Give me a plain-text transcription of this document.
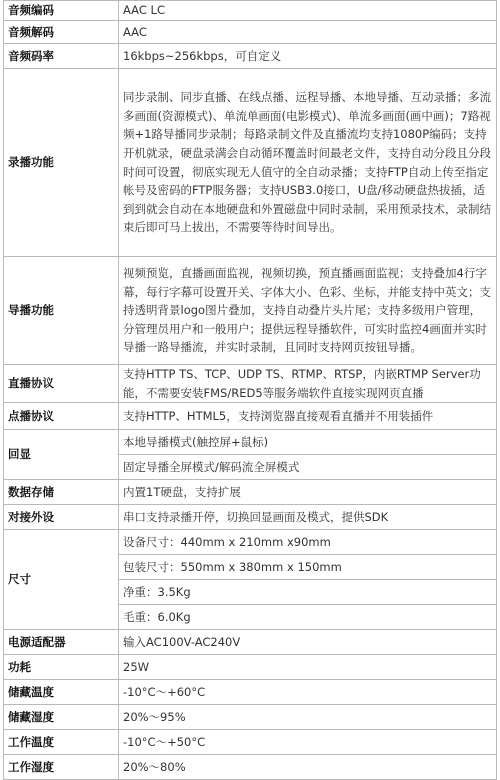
音频编码	AAC LC
音频解码	AAC
音频码率	16kbps~256kbps，可自定义
录播功能	同步录制、同步直播、在线点播、远程导播、本地导播、互动录播；多流多画面(资源模式)、单流单画面(电影模式)、单流多画面(画中画)；7路视频+1路导播同步录制；每路录制文件及直播流均支持1080P编码；支持开机就录，硬盘录满会自动循环覆盖时间最老文件，支持自动分段且分段时间可设置，彻底实现无人值守的全自动录播；支持FTP自动上传至指定帐号及密码的FTP服务器；支持USB3.0接口，U盘/移动硬盘热拔插，适到到就会自动在本地硬盘和外置磁盘中同时录制，采用预录技术，录制结束后即可马上拔出，不需要等待时间导出。
导播功能	视频预览，直播画面监视，视频切换，预直播画面监视；支持叠加4行字幕，每行字幕可设置开关、字体大小、色彩、坐标，并能支持中英文；支持透明背景logo图片叠加，支持自动叠片头片尾；支持多级用户管理，分管理员用户和一般用户；提供远程导播软件，可实时监控4画面并实时导播一路导播流，并实时录制，且同时支持网页按钮导播。
直播协议	支持HTTP TS、TCP、UDP TS、RTMP、RTSP，内嵌RTMP Server功能，不需要安装FMS/RED5等服务端软件直接实现网页直播
点播协议	支持HTTP、HTML5，支持浏览器直接观看直播并不用装插件
回显	本地导播模式(触控屏+鼠标)
	固定导播全屏模式/解码流全屏模式
数据存储	内置1T硬盘，支持扩展
对接外设	串口支持录播开停，切换回显画面及模式，提供SDK
尺寸	设备尺寸：440mm x 210mm x90mm
	包装尺寸：550mm x 380mm x 150mm
	净重：3.5Kg
	毛重：6.0Kg
电源适配器	输入AC100V-AC240V
功耗	25W
储藏温度	-10°C～+60°C
储藏湿度	20%～95%
工作温度	-10°C～+50°C
工作湿度	20%～80%
